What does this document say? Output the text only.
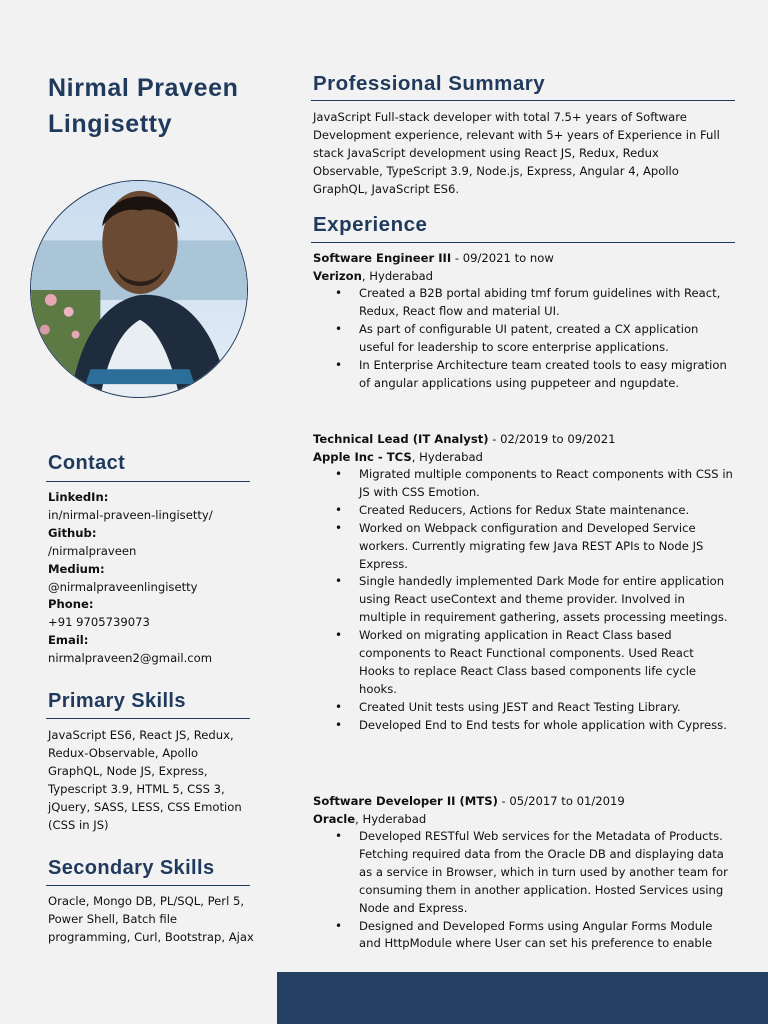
Nirmal Praveen Lingisetty
Contact
LinkedIn:
in/nirmal-praveen-lingisetty/
Github:
/nirmalpraveen
Medium:
@nirmalpraveenlingisetty
Phone:
+91 9705739073
Email:
nirmalpraveen2@gmail.com
Primary Skills
JavaScript ES6, React JS, Redux, Redux-Observable, Apollo GraphQL, Node JS, Express, Typescript 3.9, HTML 5, CSS 3, jQuery, SASS, LESS, CSS Emotion (CSS in JS)
Secondary Skills
Oracle, Mongo DB, PL/SQL, Perl 5, Power Shell, Batch file programming, Curl, Bootstrap, Ajax
Professional Summary
JavaScript Full-stack developer with total 7.5+ years of Software Development experience, relevant with 5+ years of Experience in Full stack JavaScript development using React JS, Redux, Redux Observable, TypeScript 3.9, Node.js, Express, Angular 4, Apollo GraphQL, JavaScript ES6.
Experience
Software Engineer III - 09/2021 to now
Verizon, Hyderabad
• Created a B2B portal abiding tmf forum guidelines with React, Redux, React flow and material UI.
• As part of configurable UI patent, created a CX application useful for leadership to score enterprise applications.
• In Enterprise Architecture team created tools to easy migration of angular applications using puppeteer and ngupdate.
Technical Lead (IT Analyst) - 02/2019 to 09/2021
Apple Inc - TCS, Hyderabad
• Migrated multiple components to React components with CSS in JS with CSS Emotion.
• Created Reducers, Actions for Redux State maintenance.
• Worked on Webpack configuration and Developed Service workers. Currently migrating few Java REST APIs to Node JS Express.
• Single handedly implemented Dark Mode for entire application using React useContext and theme provider. Involved in multiple in requirement gathering, assets processing meetings.
• Worked on migrating application in React Class based components to React Functional components. Used React Hooks to replace React Class based components life cycle hooks.
• Created Unit tests using JEST and React Testing Library.
• Developed End to End tests for whole application with Cypress.
Software Developer II (MTS) - 05/2017 to 01/2019
Oracle, Hyderabad
• Developed RESTful Web services for the Metadata of Products. Fetching required data from the Oracle DB and displaying data as a service in Browser, which in turn used by another team for consuming them in another application. Hosted Services using Node and Express.
• Designed and Developed Forms using Angular Forms Module and HttpModule where User can set his preference to enable
